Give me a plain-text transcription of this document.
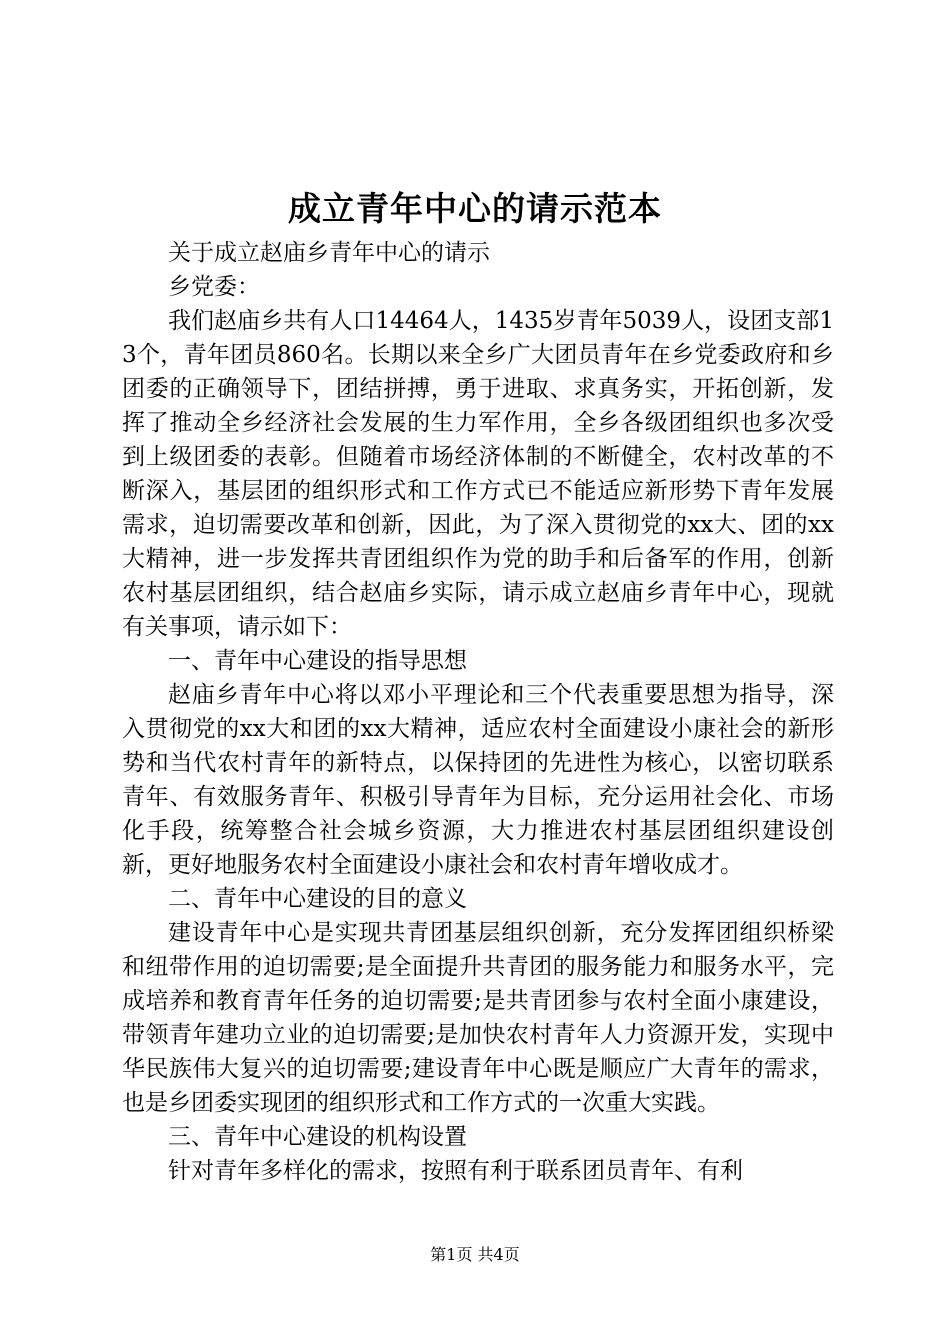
成立青年中心的请示范本

关于成立赵庙乡青年中心的请示

乡党委：

我们赵庙乡共有人口14464人，1435岁青年5039人，设团支部13个，青年团员860名。长期以来全乡广大团员青年在乡党委政府和乡团委的正确领导下，团结拼搏，勇于进取、求真务实，开拓创新，发挥了推动全乡经济社会发展的生力军作用，全乡各级团组织也多次受到上级团委的表彰。但随着市场经济体制的不断健全，农村改革的不断深入，基层团的组织形式和工作方式已不能适应新形势下青年发展需求，迫切需要改革和创新，因此，为了深入贯彻党的xx大、团的xx大精神，进一步发挥共青团组织作为党的助手和后备军的作用，创新农村基层团组织，结合赵庙乡实际，请示成立赵庙乡青年中心，现就有关事项，请示如下：

一、青年中心建设的指导思想

赵庙乡青年中心将以邓小平理论和三个代表重要思想为指导，深入贯彻党的xx大和团的xx大精神，适应农村全面建设小康社会的新形势和当代农村青年的新特点，以保持团的先进性为核心，以密切联系青年、有效服务青年、积极引导青年为目标，充分运用社会化、市场化手段，统筹整合社会城乡资源，大力推进农村基层团组织建设创新，更好地服务农村全面建设小康社会和农村青年增收成才。

二、青年中心建设的目的意义

建设青年中心是实现共青团基层组织创新，充分发挥团组织桥梁和纽带作用的迫切需要;是全面提升共青团的服务能力和服务水平，完成培养和教育青年任务的迫切需要;是共青团参与农村全面小康建设，带领青年建功立业的迫切需要;是加快农村青年人力资源开发，实现中华民族伟大复兴的迫切需要;建设青年中心既是顺应广大青年的需求，也是乡团委实现团的组织形式和工作方式的一次重大实践。

三、青年中心建设的机构设置

针对青年多样化的需求，按照有利于联系团员青年、有利

第1页 共4页
